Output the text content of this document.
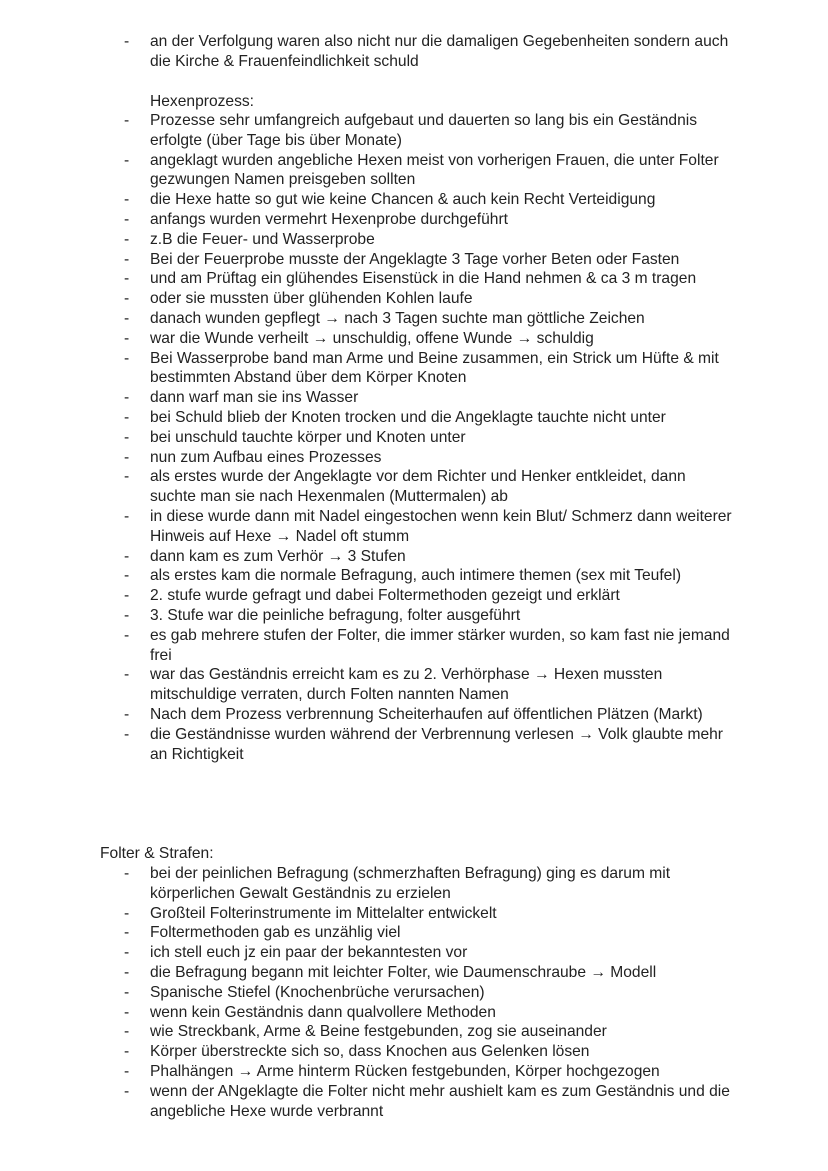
- an der Verfolgung waren also nicht nur die damaligen Gegebenheiten sondern auch die Kirche & Frauenfeindlichkeit schuld
Hexenprozess:
- Prozesse sehr umfangreich aufgebaut und dauerten so lang bis ein Geständnis erfolgte (über Tage bis über Monate)
- angeklagt wurden angebliche Hexen meist von vorherigen Frauen, die unter Folter gezwungen Namen preisgeben sollten
- die Hexe hatte so gut wie keine Chancen & auch kein Recht Verteidigung
- anfangs wurden vermehrt Hexenprobe durchgeführt
- z.B die Feuer- und Wasserprobe
- Bei der Feuerprobe musste der Angeklagte 3 Tage vorher Beten oder Fasten
- und am Prüftag ein glühendes Eisenstück in die Hand nehmen & ca 3 m tragen
- oder sie mussten über glühenden Kohlen laufe
- danach wunden gepflegt → nach 3 Tagen suchte man göttliche Zeichen
- war die Wunde verheilt → unschuldig, offene Wunde → schuldig
- Bei Wasserprobe band man Arme und Beine zusammen, ein Strick um Hüfte & mit bestimmten Abstand über dem Körper Knoten
- dann warf man sie ins Wasser
- bei Schuld blieb der Knoten trocken und die Angeklagte tauchte nicht unter
- bei unschuld tauchte körper und Knoten unter
- nun zum Aufbau eines Prozesses
- als erstes wurde der Angeklagte vor dem Richter und Henker entkleidet, dann suchte man sie nach Hexenmalen (Muttermalen) ab
- in diese wurde dann mit Nadel eingestochen wenn kein Blut/ Schmerz dann weiterer Hinweis auf Hexe → Nadel oft stumm
- dann kam es zum Verhör → 3 Stufen
- als erstes kam die normale Befragung, auch intimere themen (sex mit Teufel)
- 2. stufe wurde gefragt und dabei Foltermethoden gezeigt und erklärt
- 3. Stufe war die peinliche befragung, folter ausgeführt
- es gab mehrere stufen der Folter, die immer stärker wurden, so kam fast nie jemand frei
- war das Geständnis erreicht kam es zu 2. Verhörphase → Hexen mussten mitschuldige verraten, durch Folten nannten Namen
- Nach dem Prozess verbrennung Scheiterhaufen auf öffentlichen Plätzen (Markt)
- die Geständnisse wurden während der Verbrennung verlesen → Volk glaubte mehr an Richtigkeit
Folter & Strafen:
- bei der peinlichen Befragung (schmerzhaften Befragung) ging es darum mit körperlichen Gewalt Geständnis zu erzielen
- Großteil Folterinstrumente im Mittelalter entwickelt
- Foltermethoden gab es unzählig viel
- ich stell euch jz ein paar der bekanntesten vor
- die Befragung begann mit leichter Folter, wie Daumenschraube → Modell
- Spanische Stiefel (Knochenbrüche verursachen)
- wenn kein Geständnis dann qualvollere Methoden
- wie Streckbank, Arme & Beine festgebunden, zog sie auseinander
- Körper überstreckte sich so, dass Knochen aus Gelenken lösen
- Phalhängen → Arme hinterm Rücken festgebunden, Körper hochgezogen
- wenn der ANgeklagte die Folter nicht mehr aushielt kam es zum Geständnis und die angebliche Hexe wurde verbrannt
